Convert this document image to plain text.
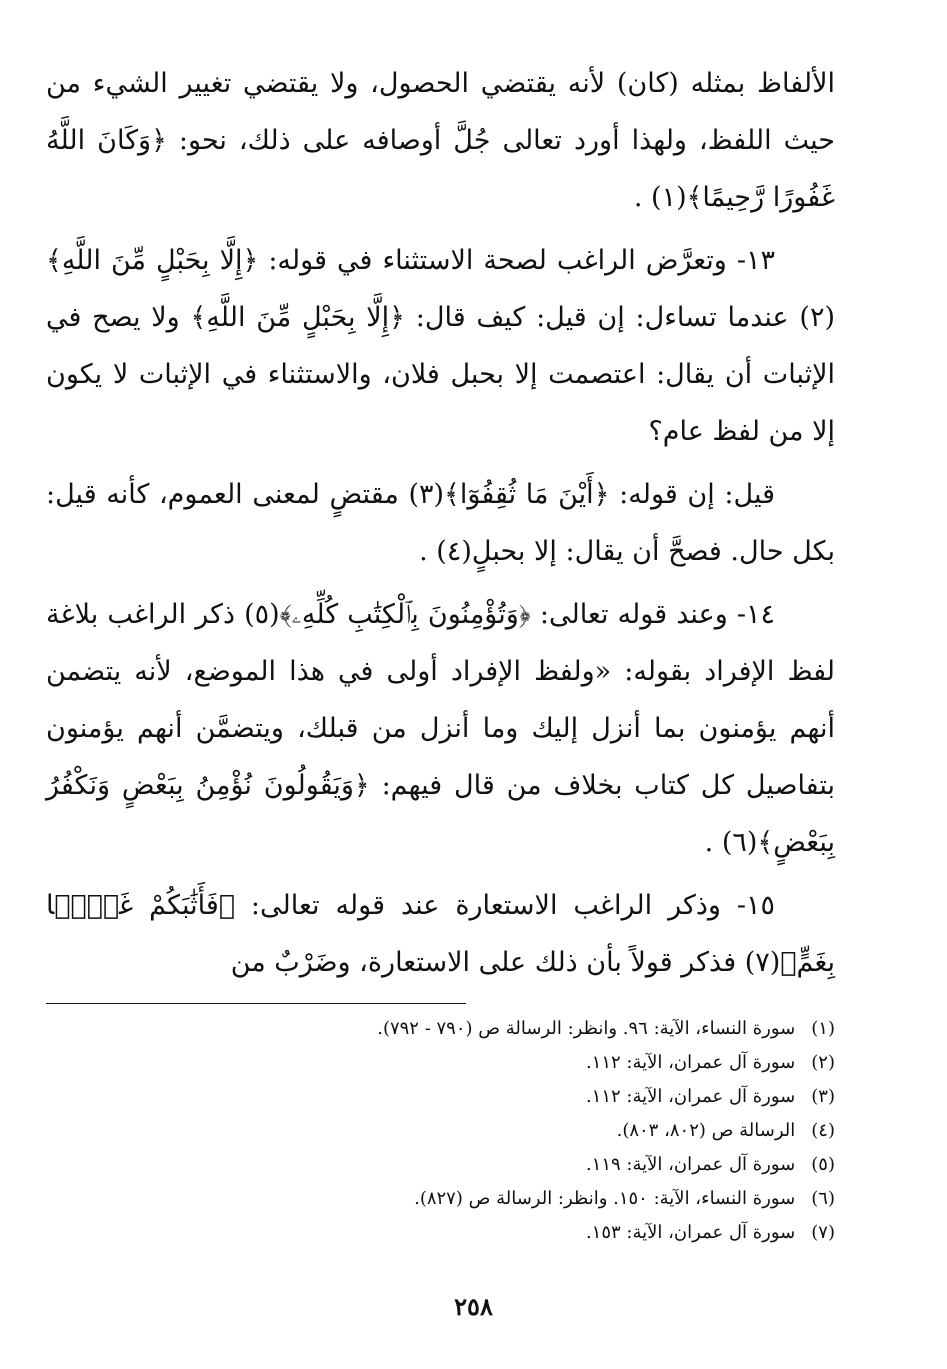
الألفاظ بمثله (كان) لأنه يقتضي الحصول، ولا يقتضي تغيير الشيء من حيث اللفظ، ولهذا أورد تعالى جُلَّ أوصافه على ذلك، نحو: ﴿وَكَانَ اللَّهُ غَفُورًا رَّحِيمًا﴾(١) .

١٣- وتعرَّض الراغب لصحة الاستثناء في قوله: ﴿إِلَّا بِحَبْلٍ مِّنَ اللَّهِ﴾(٢) عندما تساءل: إن قيل: كيف قال: ﴿إِلَّا بِحَبْلٍ مِّنَ اللَّهِ﴾ ولا يصح في الإثبات أن يقال: اعتصمت إلا بحبل فلان، والاستثناء في الإثبات لا يكون إلا من لفظ عام؟

قيل: إن قوله: ﴿أَيْنَ مَا ثُقِفُوٓا﴾(٣) مقتضٍ لمعنى العموم، كأنه قيل: بكل حال. فصحَّ أن يقال: إلا بحبلٍ(٤) .

١٤- وعند قوله تعالى: ﴿وَتُؤْمِنُونَ بِٱلْكِتَٰبِ كُلِّهِۦ﴾(٥) ذكر الراغب بلاغة لفظ الإفراد بقوله: «ولفظ الإفراد أولى في هذا الموضع، لأنه يتضمن أنهم يؤمنون بما أنزل إليك وما أنزل من قبلك، ويتضمَّن أنهم يؤمنون بتفاصيل كل كتاب بخلاف من قال فيهم: ﴿وَيَقُولُونَ نُؤْمِنُ بِبَعْضٍ وَنَكْفُرُ بِبَعْضٍ﴾(٦) .

١٥- وذكر الراغب الاستعارة عند قوله تعالى: ﴿فَأَثَٰبَكُمْ غَمًّۢا بِغَمٍّ﴾(٧) فذكر قولاً بأن ذلك على الاستعارة، وضَرْبٌ من

(١) سورة النساء، الآية: ٩٦. وانظر: الرسالة ص (٧٩٠ - ٧٩٢).
(٢) سورة آل عمران، الآية: ١١٢.
(٣) سورة آل عمران، الآية: ١١٢.
(٤) الرسالة ص (٨٠٢، ٨٠٣).
(٥) سورة آل عمران، الآية: ١١٩.
(٦) سورة النساء، الآية: ١٥٠. وانظر: الرسالة ص (٨٢٧).
(٧) سورة آل عمران، الآية: ١٥٣.
٢٥٨
